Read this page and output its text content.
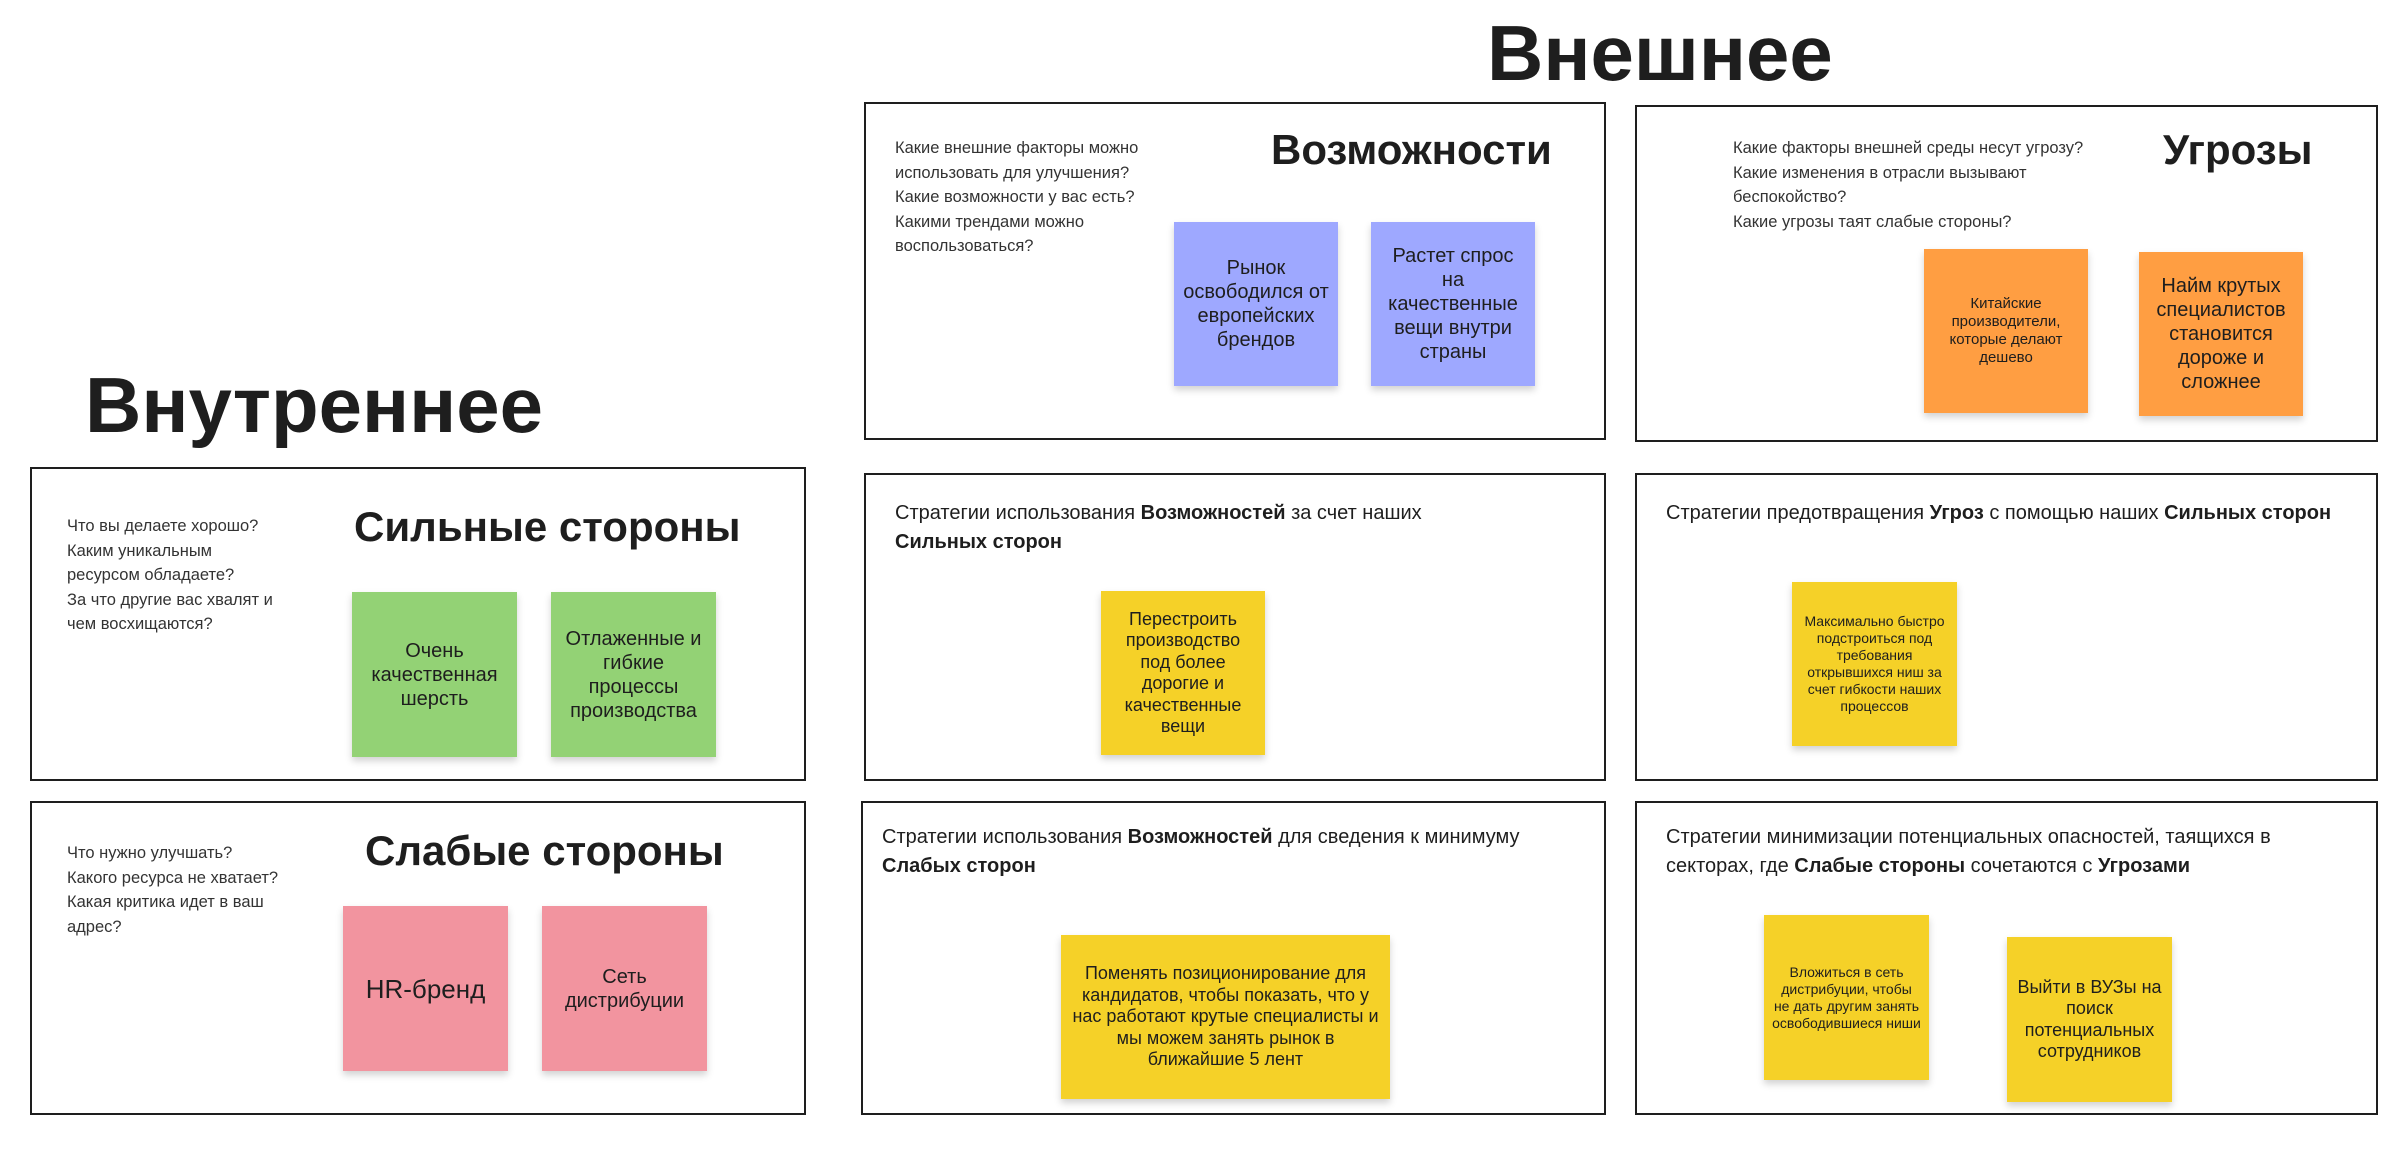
Внешнее
Внутреннее
Какие внешние факторы можно
использовать для улучшения?
Какие возможности у вас есть?
Какими трендами можно
воспользоваться?
Возможности
Рынок освободился от европейских брендов
Растет спрос на качественные вещи внутри страны
Какие факторы внешней среды несут угрозу?
Какие изменения в отрасли вызывают
беспокойство?
Какие угрозы таят слабые стороны?
Угрозы
Китайские производители, которые делают дешево
Найм крутых специалистов становится дороже и сложнее
Что вы делаете хорошо?
Каким уникальным
ресурсом обладаете?
За что другие вас хвалят и
чем восхищаются?
Сильные стороны
Очень качественная шерсть
Отлаженные и гибкие процессы производства
Что нужно улучшать?
Какого ресурса не хватает?
Какая критика идет в ваш
адрес?
Слабые стороны
HR-бренд	Сеть дистрибуции
Стратегии использования Возможностей за счет наших Сильных сторон
Перестроить производство под более дорогие и качественные вещи
Стратегии предотвращения Угроз с помощью наших Сильных сторон
Максимально быстро подстроиться под требования открывшихся ниш за счет гибкости наших процессов
Стратегии использования Возможностей для сведения к минимуму Слабых сторон
Поменять позиционирование для кандидатов, чтобы показать, что у нас работают крутые специалисты и мы можем занять рынок в ближайшие 5 лент
Стратегии минимизации потенциальных опасностей, таящихся в секторах, где Слабые стороны сочетаются с Угрозами
Вложиться в сеть дистрибуции, чтобы не дать другим занять освободившиеся ниши
Выйти в ВУЗы на поиск потенциальных сотрудников
